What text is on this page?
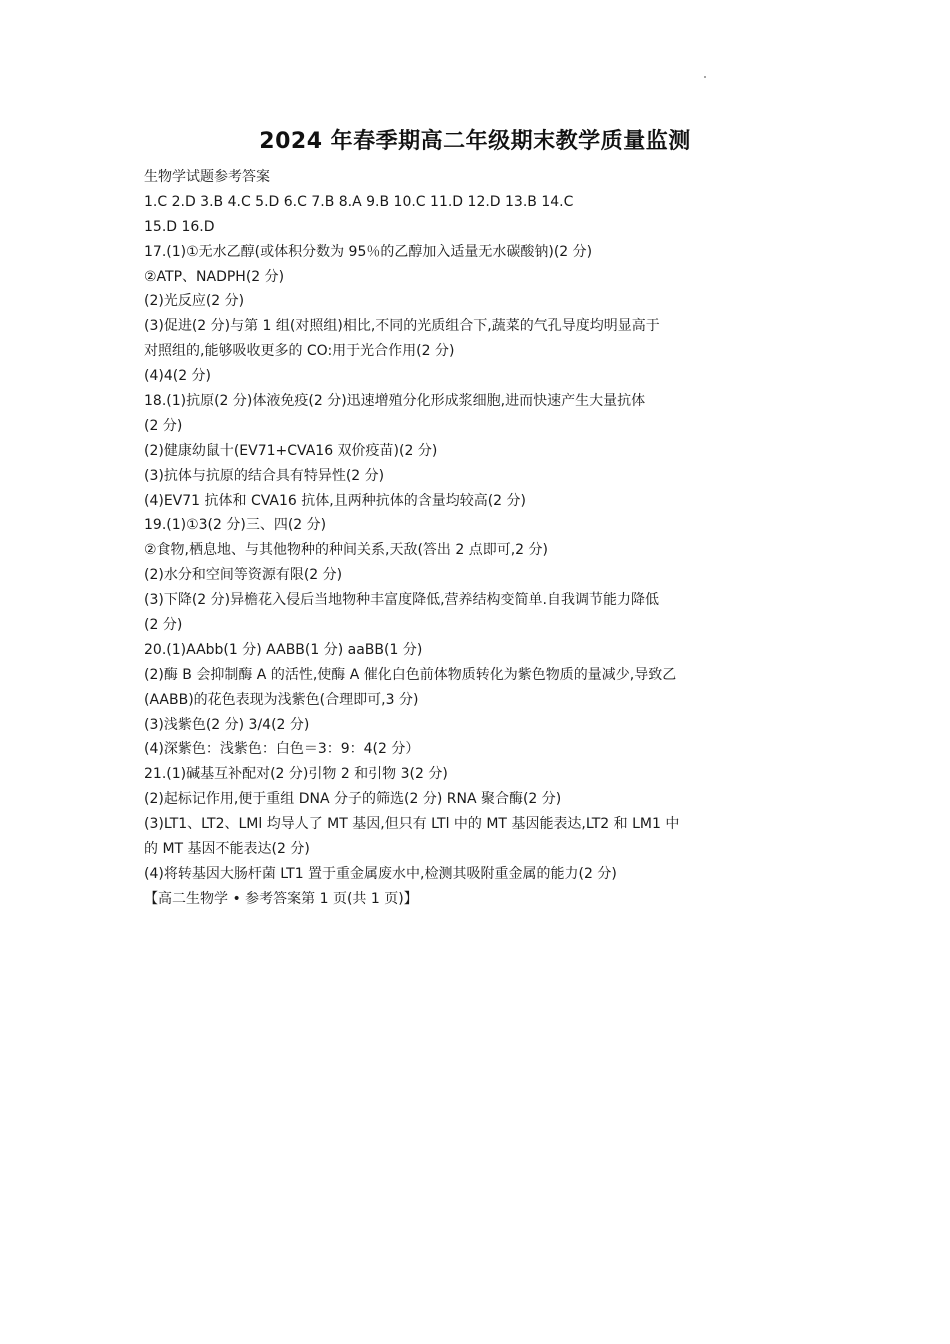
2024 年春季期高二年级期末教学质量监测
生物学试题参考答案
1.C 2.D 3.B 4.C 5.D 6.C 7.B 8.A 9.B 10.C 11.D 12.D 13.B 14.C
15.D 16.D
17.(1)①无水乙醇(或体积分数为 95％的乙醇加入适量无水碳酸钠)(2 分)
②ATP、NADPH(2 分)
(2)光反应(2 分)
(3)促进(2 分)与第 1 组(对照组)相比,不同的光质组合下,蔬菜的气孔导度均明显高于
对照组的,能够吸收更多的 CO:用于光合作用(2 分)
(4)4(2 分)
18.(1)抗原(2 分)体液免疫(2 分)迅速增殖分化形成浆细胞,进而快速产生大量抗体
(2 分)
(2)健康幼鼠十(EV71+CVA16 双价疫苗)(2 分)
(3)抗体与抗原的结合具有特异性(2 分)
(4)EV71 抗体和 CVA16 抗体,且两种抗体的含量均较高(2 分)
19.(1)①3(2 分)三、四(2 分)
②食物,栖息地、与其他物种的种间关系,天敌(答出 2 点即可,2 分)
(2)水分和空间等资源有限(2 分)
(3)下降(2 分)异檐花入侵后当地物种丰富度降低,营养结构变简单.自我调节能力降低
(2 分)
20.(1)AAbb(1 分) AABB(1 分) aaBB(1 分)
(2)酶 B 会抑制酶 A 的活性,使酶 A 催化白色前体物质转化为紫色物质的量减少,导致乙
(AABB)的花色表现为浅紫色(合理即可,3 分)
(3)浅紫色(2 分) 3/4(2 分)
(4)深紫色：浅紫色：白色＝3：9：4(2 分）
21.(1)碱基互补配对(2 分)引物 2 和引物 3(2 分)
(2)起标记作用,便于重组 DNA 分子的筛选(2 分) RNA 聚合酶(2 分)
(3)LT1、LT2、LMl 均导人了 MT 基因,但只有 LTl 中的 MT 基因能表达,LT2 和 LM1 中
的 MT 基因不能表达(2 分)
(4)将转基因大肠杆菌 LT1 置于重金属废水中,检测其吸附重金属的能力(2 分)
【高二生物学 • 参考答案第 1 页(共 1 页)】
